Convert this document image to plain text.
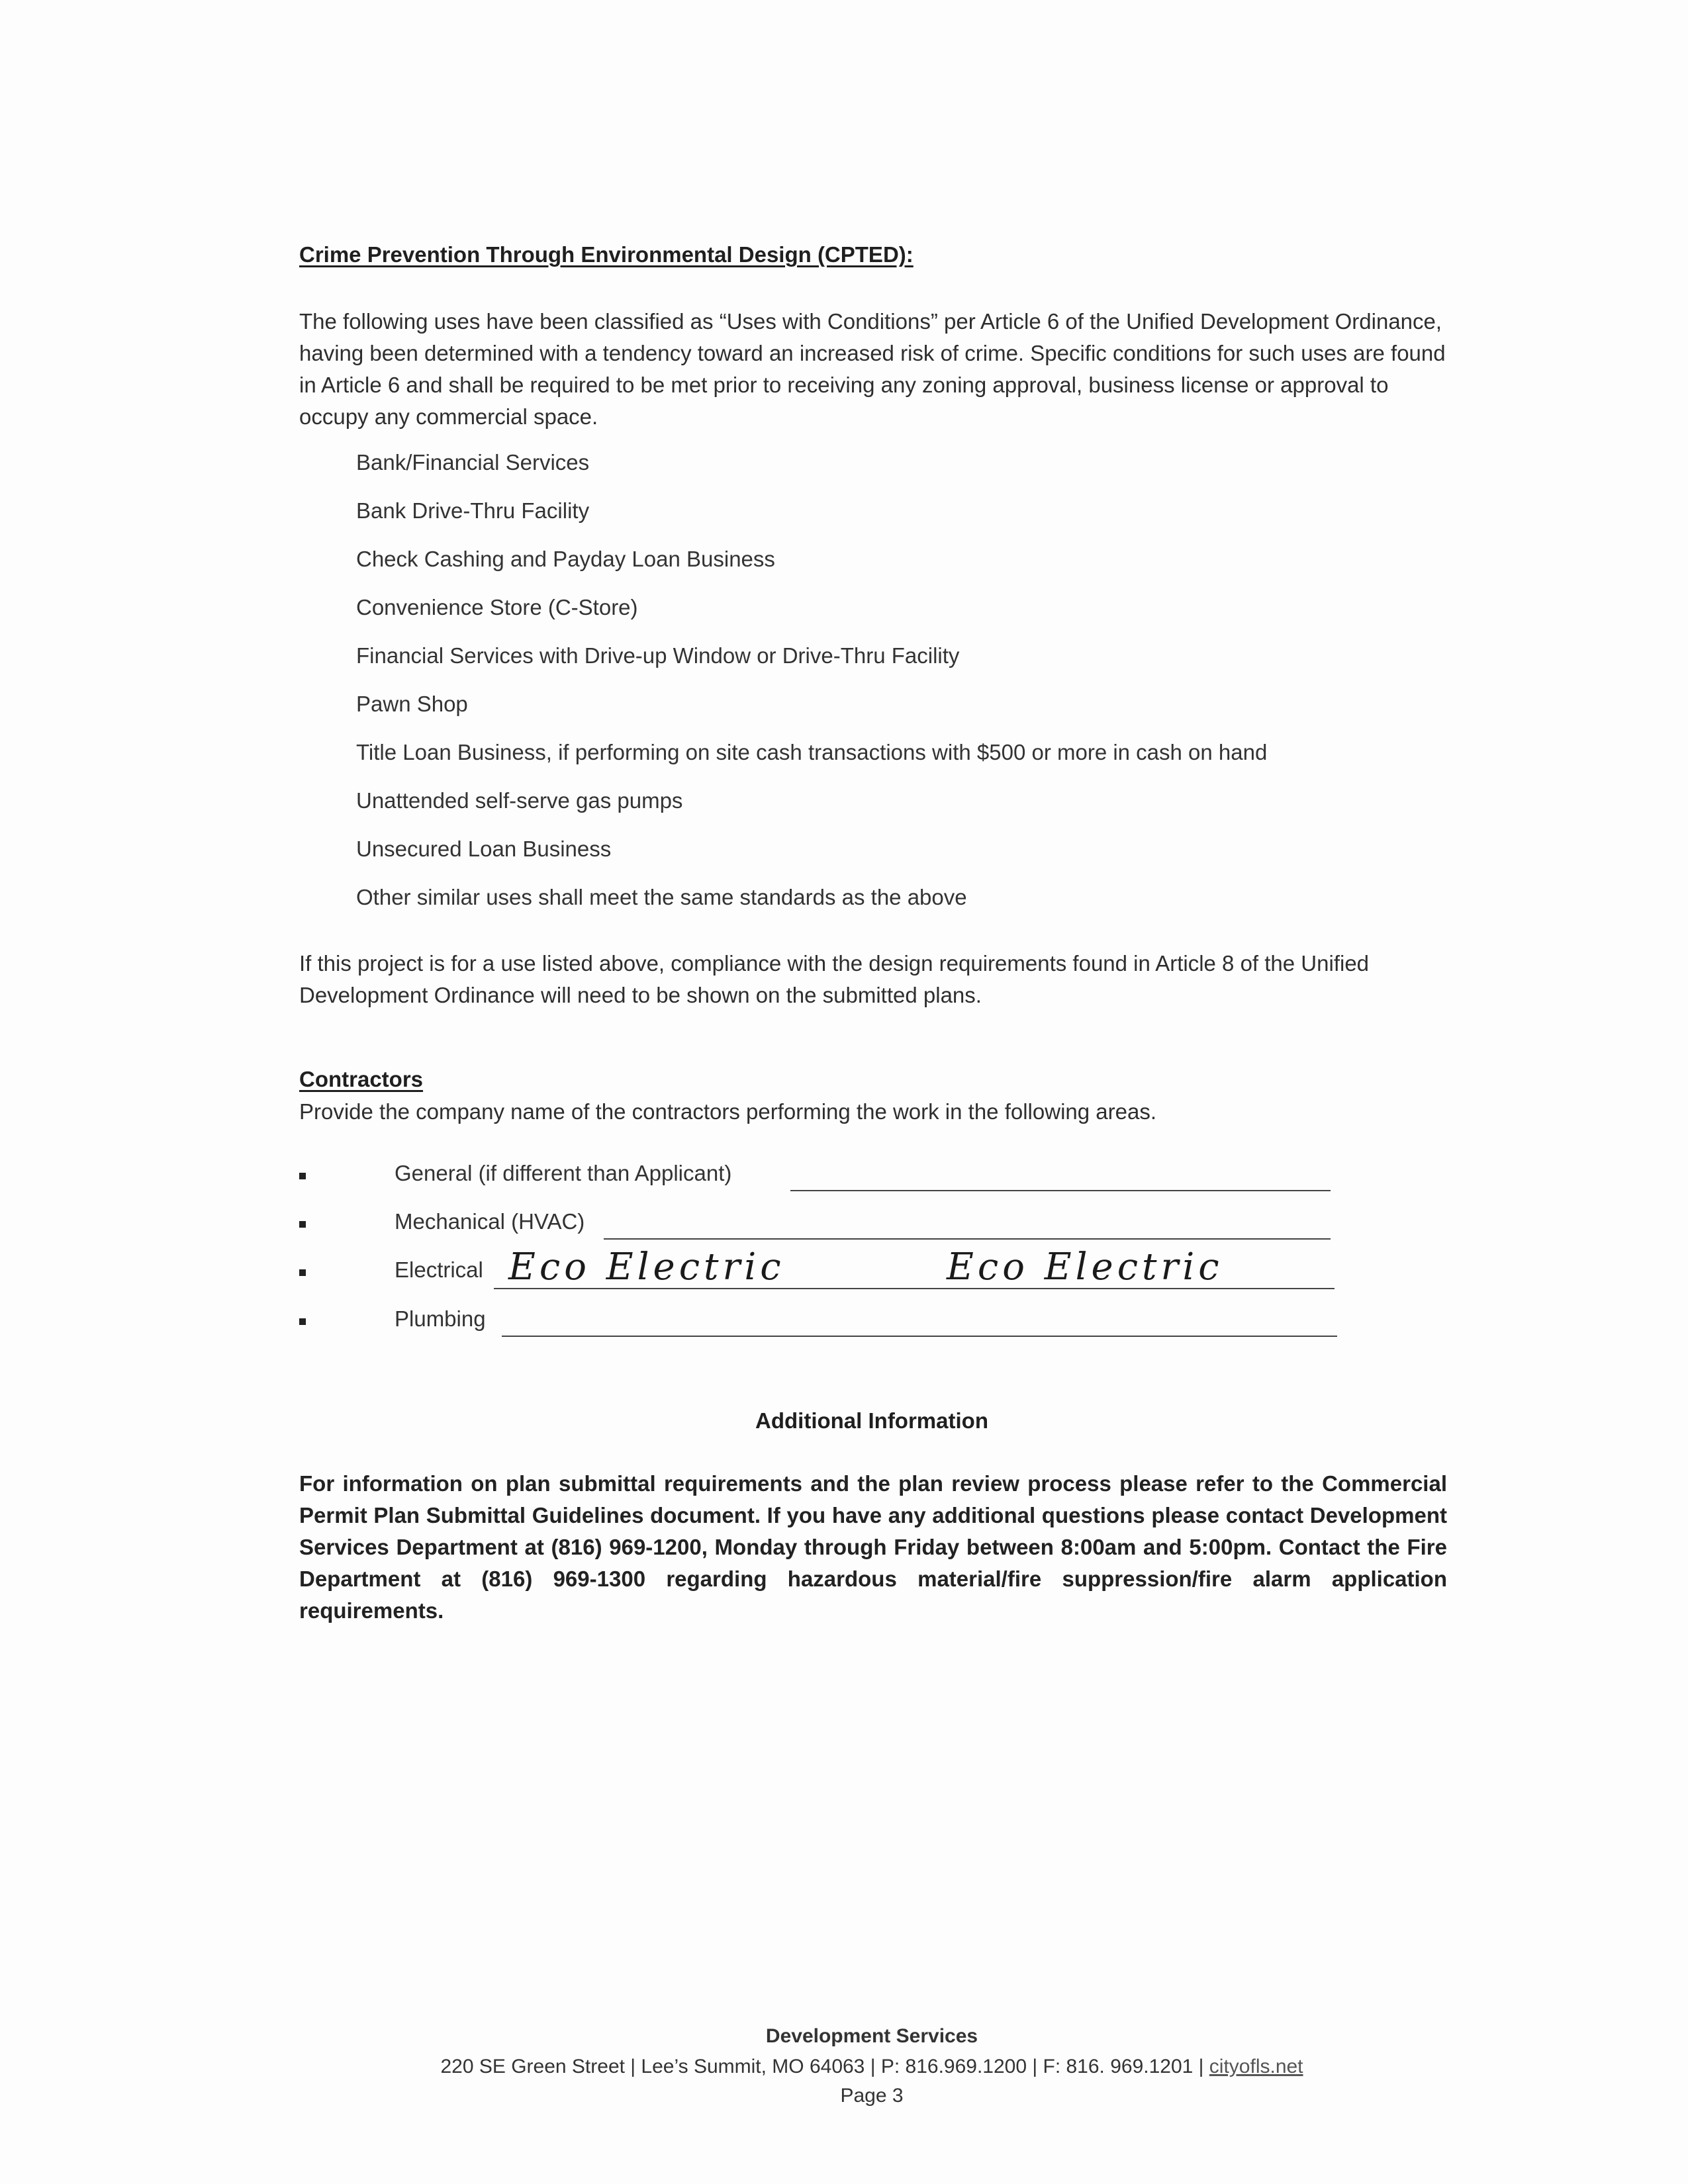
Crime Prevention Through Environmental Design (CPTED):
The following uses have been classified as “Uses with Conditions” per Article 6 of the Unified Development Ordinance, having been determined with a tendency toward an increased risk of crime. Specific conditions for such uses are found in Article 6 and shall be required to be met prior to receiving any zoning approval, business license or approval to occupy any commercial space.
Bank/Financial Services
Bank Drive-Thru Facility
Check Cashing and Payday Loan Business
Convenience Store (C-Store)
Financial Services with Drive-up Window or Drive-Thru Facility
Pawn Shop
Title Loan Business, if performing on site cash transactions with $500 or more in cash on hand
Unattended self-serve gas pumps
Unsecured Loan Business
Other similar uses shall meet the same standards as the above
If this project is for a use listed above, compliance with the design requirements found in Article 8 of the Unified Development Ordinance will need to be shown on the submitted plans.
Contractors
Provide the company name of the contractors performing the work in the following areas.
General (if different than Applicant)
Mechanical (HVAC)
Electrical Eco Electric	Eco Electric
Plumbing
Additional Information
For information on plan submittal requirements and the plan review process please refer to the Commercial Permit Plan Submittal Guidelines document. If you have any additional questions please contact Development Services Department at (816) 969-1200, Monday through Friday between 8:00am and 5:00pm. Contact the Fire Department at (816) 969-1300 regarding hazardous material/fire suppression/fire alarm application requirements.
Development Services
220 SE Green Street | Lee’s Summit, MO 64063 | P: 816.969.1200 | F: 816. 969.1201 | cityofls.net
Page 3
